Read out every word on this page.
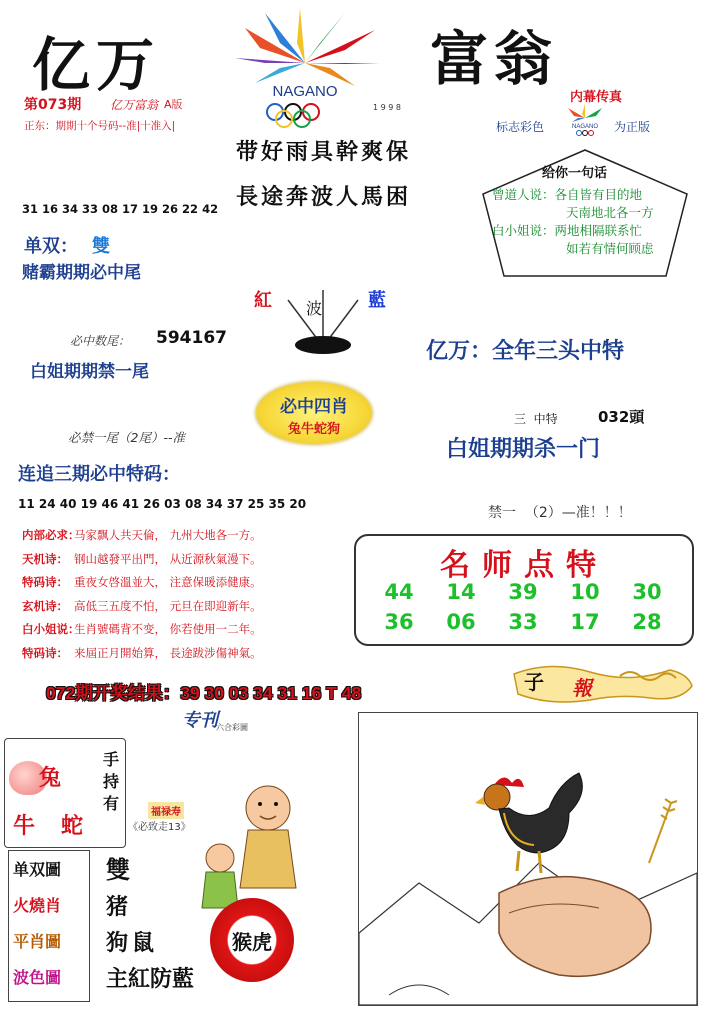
亿万	富翁
NAGANO
1 9 9 8
第073期 亿万富翁 A版
正东：期期十个号码--准|十准入|
带好雨具幹爽保
長途奔波人馬困
内幕传真
标志彩色	NAGANO 为正版
给你一句话
曾道人说：各自皆有目的地
天南地北各一方
白小姐说：两地相隔联系忙
如若有情何顾虑
31 16 34 33 08 17 19 26 22 42
单双： 雙
赌霸期期必中尾
紅 波	藍
必中数尾： 594167
白姐期期禁一尾
亿万：全年三头中特
必中四肖
兔牛蛇狗
三  中特	032頭
白姐期期杀一门
必禁一尾（2尾）--准
连追三期必中特码：
11 24 40 19 46 41 26 03 08 34 37 25 35 20
禁一  （2）—准！！！
内部必求：
马家飘人共天倫， 九州大地各一方。
天机诗： 钢山越發平出門， 从近源秋氣漫下。
特码诗： 重夜女啓溫並大， 注意保暖添健康。
玄机诗： 高低三五度不怕， 元旦在即迎新年。
白小姐说：
生肖號碼背不变， 你若使用一二年。
特码诗： 来屆正月開始算， 長途跋涉傷神氣。
名师点特
44	14	39	10	30
36	06	33	17	28
072期开奖结果：39 30 03 34 31 16 T 48	子 報
专刊
六合彩圖
兔
牛 蛇
手持有	福禄寿
《必致走13》
单双圖
火燒肖
平肖圖
波色圖
雙
猪
狗鼠
主紅防藍
猴虎
